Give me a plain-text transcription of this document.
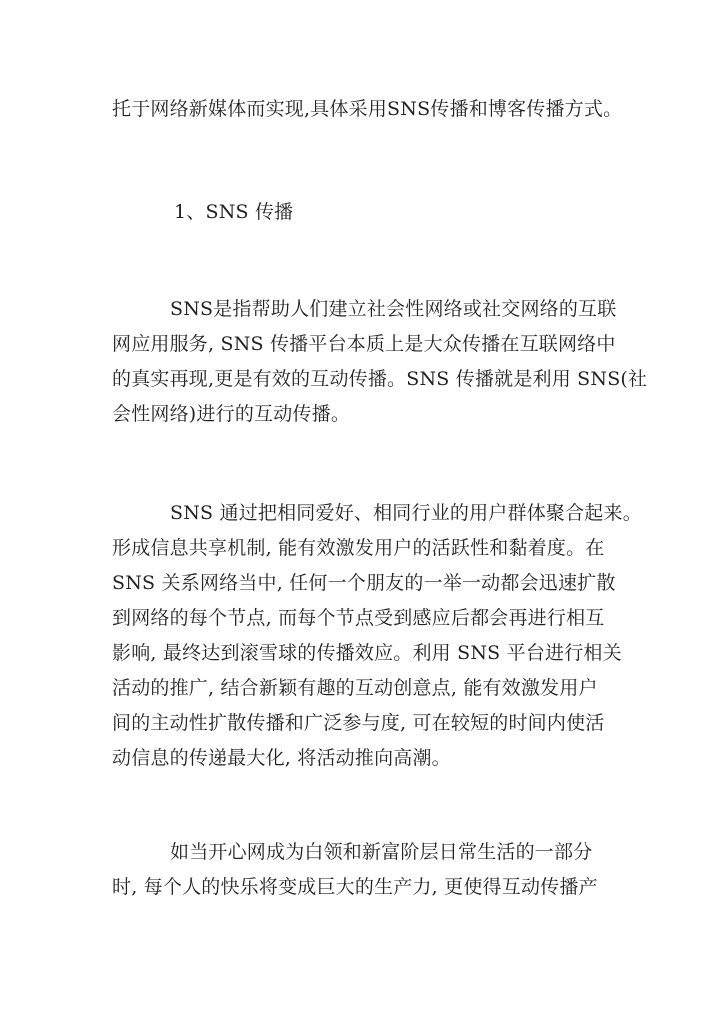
托于网络新媒体而实现,具体采用SNS传播和博客传播方式。
1、SNS 传播
SNS是指帮助人们建立社会性网络或社交网络的互联
网应用服务, SNS 传播平台本质上是大众传播在互联网络中
的真实再现,更是有效的互动传播。SNS 传播就是利用 SNS(社
会性网络)进行的互动传播。
SNS 通过把相同爱好、相同行业的用户群体聚合起来。
形成信息共享机制, 能有效激发用户的活跃性和黏着度。在
SNS 关系网络当中, 任何一个朋友的一举一动都会迅速扩散
到网络的每个节点, 而每个节点受到感应后都会再进行相互
影响, 最终达到滚雪球的传播效应。利用 SNS 平台进行相关
活动的推广, 结合新颖有趣的互动创意点, 能有效激发用户
间的主动性扩散传播和广泛参与度, 可在较短的时间内使活
动信息的传递最大化, 将活动推向高潮。
如当开心网成为白领和新富阶层日常生活的一部分
时, 每个人的快乐将变成巨大的生产力, 更使得互动传播产
